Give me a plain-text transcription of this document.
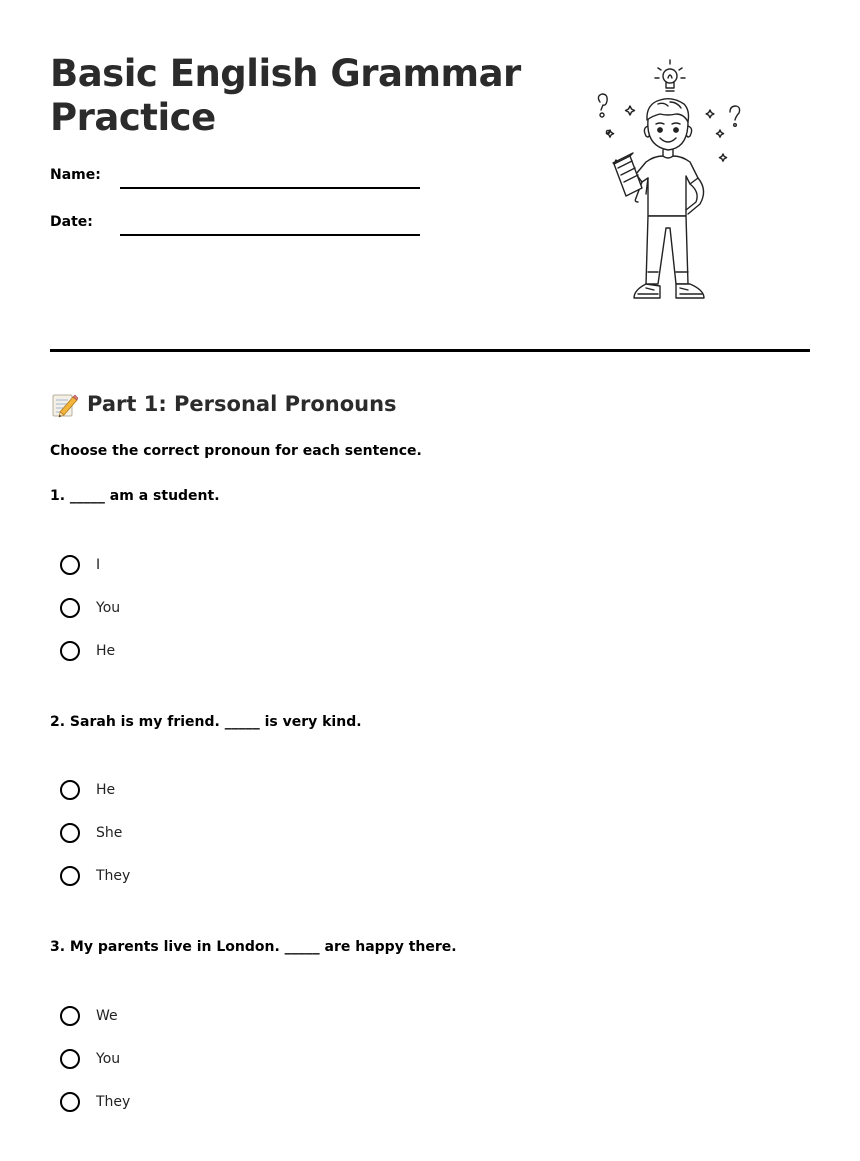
Basic English Grammar
Practice
Name:
Date:
Part 1: Personal Pronouns
Choose the correct pronoun for each sentence.
1. _____ am a student.
I
You
He
2. Sarah is my friend. _____ is very kind.
He
She
They
3. My parents live in London. _____ are happy there.
We
You
They
